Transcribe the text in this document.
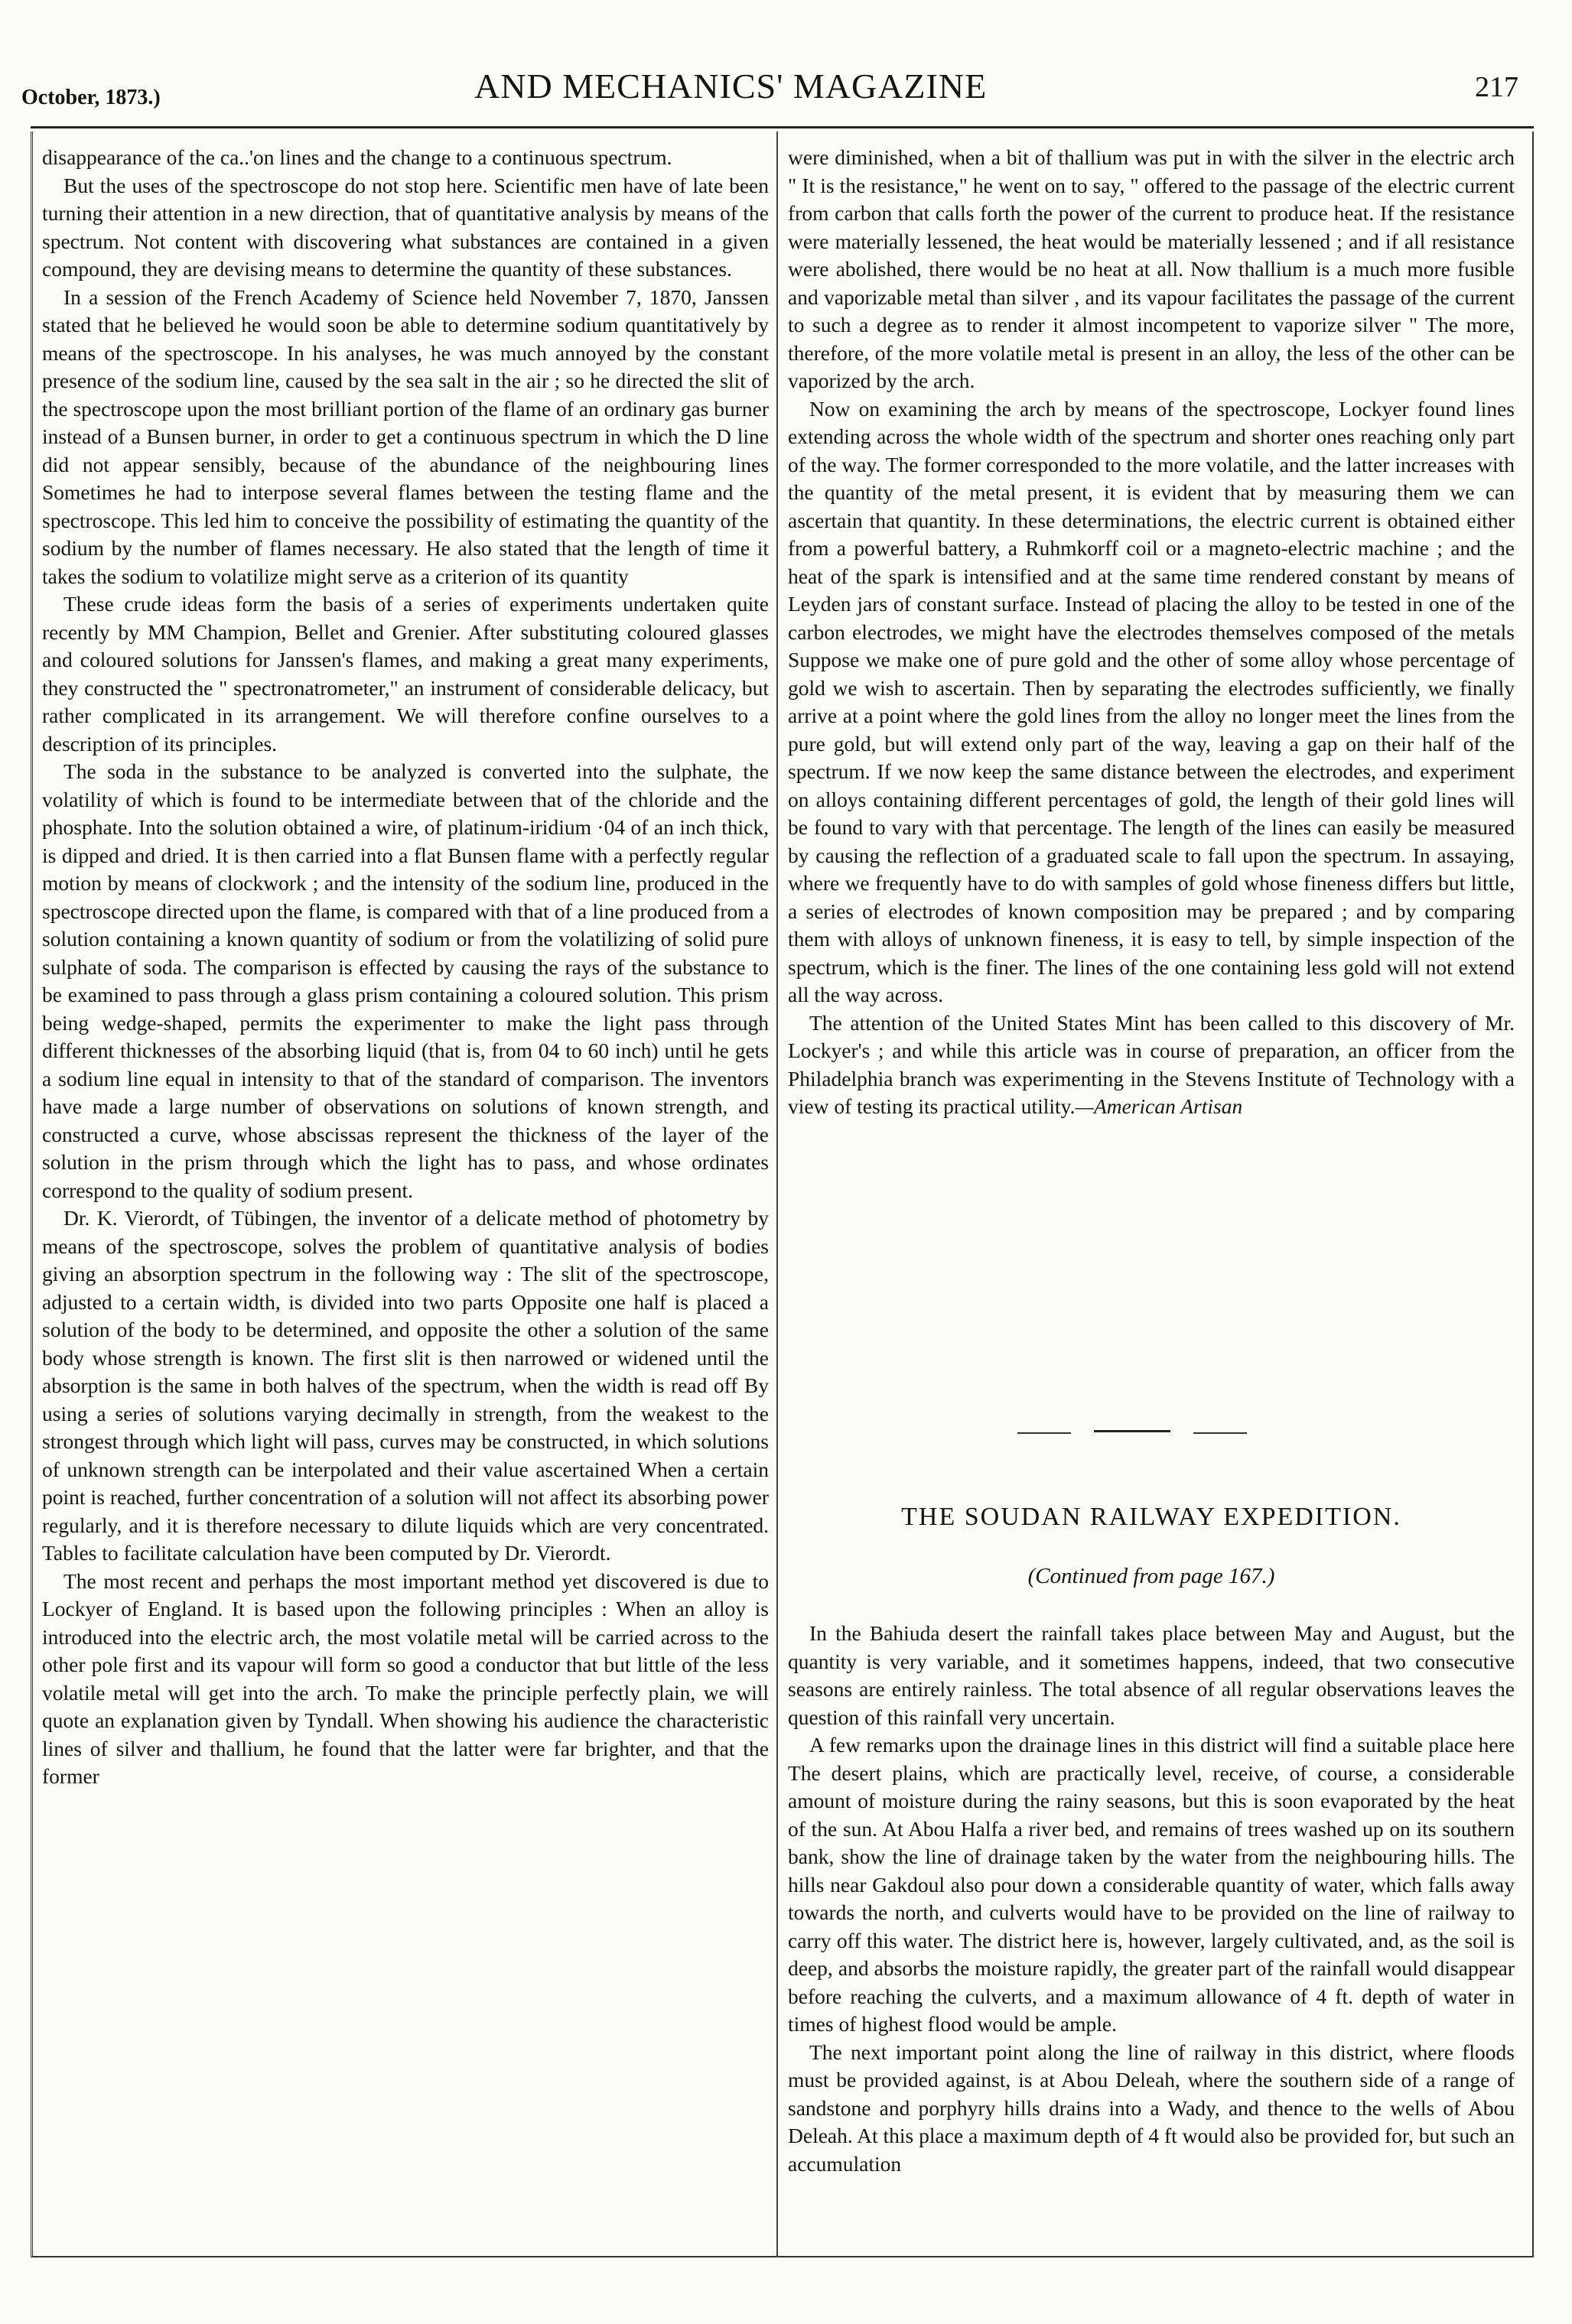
October, 1873.)	AND MECHANICS' MAGAZINE	217

disappearance of the ca..'on lines and the change to a continuous spectrum.

But the uses of the spectroscope do not stop here. Scientific men have of late been turning their attention in a new direction, that of quantitative analysis by means of the spectrum. Not content with discovering what substances are contained in a given compound, they are devising means to determine the quantity of these substances.

In a session of the French Academy of Science held November 7, 1870, Janssen stated that he believed he would soon be able to determine sodium quantitatively by means of the spectroscope. In his analyses, he was much annoyed by the constant presence of the sodium line, caused by the sea salt in the air ; so he directed the slit of the spectroscope upon the most brilliant portion of the flame of an ordinary gas burner instead of a Bunsen burner, in order to get a continuous spectrum in which the D line did not appear sensibly, because of the abundance of the neighbouring lines Sometimes he had to interpose several flames between the testing flame and the spectroscope. This led him to conceive the possibility of estimating the quantity of the sodium by the number of flames necessary. He also stated that the length of time it takes the sodium to volatilize might serve as a criterion of its quantity

These crude ideas form the basis of a series of experiments undertaken quite recently by MM Champion, Bellet and Grenier. After substituting coloured glasses and coloured solutions for Janssen's flames, and making a great many experiments, they constructed the " spectronatrometer," an instrument of considerable delicacy, but rather complicated in its arrangement. We will therefore confine ourselves to a description of its principles.

The soda in the substance to be analyzed is converted into the sulphate, the volatility of which is found to be intermediate between that of the chloride and the phosphate. Into the solution obtained a wire, of platinum-iridium ·04 of an inch thick, is dipped and dried. It is then carried into a flat Bunsen flame with a perfectly regular motion by means of clockwork ; and the intensity of the sodium line, produced in the spectroscope directed upon the flame, is compared with that of a line produced from a solution containing a known quantity of sodium or from the volatilizing of solid pure sulphate of soda. The comparison is effected by causing the rays of the substance to be examined to pass through a glass prism containing a coloured solution. This prism being wedge-shaped, permits the experimenter to make the light pass through different thicknesses of the absorbing liquid (that is, from 04 to 60 inch) until he gets a sodium line equal in intensity to that of the standard of comparison. The inventors have made a large number of observations on solutions of known strength, and constructed a curve, whose abscissas represent the thickness of the layer of the solution in the prism through which the light has to pass, and whose ordinates correspond to the quality of sodium present.

Dr. K. Vierordt, of Tübingen, the inventor of a delicate method of photometry by means of the spectroscope, solves the problem of quantitative analysis of bodies giving an absorption spectrum in the following way : The slit of the spectroscope, adjusted to a certain width, is divided into two parts Opposite one half is placed a solution of the body to be determined, and opposite the other a solution of the same body whose strength is known. The first slit is then narrowed or widened until the absorption is the same in both halves of the spectrum, when the width is read off By using a series of solutions varying decimally in strength, from the weakest to the strongest through which light will pass, curves may be constructed, in which solutions of unknown strength can be interpolated and their value ascertained When a certain point is reached, further concentration of a solution will not affect its absorbing power regularly, and it is therefore necessary to dilute liquids which are very concentrated. Tables to facilitate calculation have been computed by Dr. Vierordt.

The most recent and perhaps the most important method yet discovered is due to Lockyer of England. It is based upon the following principles : When an alloy is introduced into the electric arch, the most volatile metal will be carried across to the other pole first and its vapour will form so good a conductor that but little of the less volatile metal will get into the arch. To make the principle perfectly plain, we will quote an explanation given by Tyndall. When showing his audience the characteristic lines of silver and thallium, he found that the latter were far brighter, and that the former

were diminished, when a bit of thallium was put in with the silver in the electric arch " It is the resistance," he went on to say, " offered to the passage of the electric current from carbon that calls forth the power of the current to produce heat. If the resistance were materially lessened, the heat would be materially lessened ; and if all resistance were abolished, there would be no heat at all. Now thallium is a much more fusible and vaporizable metal than silver , and its vapour facilitates the passage of the current to such a degree as to render it almost incompetent to vaporize silver " The more, therefore, of the more volatile metal is present in an alloy, the less of the other can be vaporized by the arch.

Now on examining the arch by means of the spectroscope, Lockyer found lines extending across the whole width of the spectrum and shorter ones reaching only part of the way. The former corresponded to the more volatile, and the latter increases with the quantity of the metal present, it is evident that by measuring them we can ascertain that quantity. In these determinations, the electric current is obtained either from a powerful battery, a Ruhmkorff coil or a magneto-electric machine ; and the heat of the spark is intensified and at the same time rendered constant by means of Leyden jars of constant surface. Instead of placing the alloy to be tested in one of the carbon electrodes, we might have the electrodes themselves composed of the metals Suppose we make one of pure gold and the other of some alloy whose percentage of gold we wish to ascertain. Then by separating the electrodes sufficiently, we finally arrive at a point where the gold lines from the alloy no longer meet the lines from the pure gold, but will extend only part of the way, leaving a gap on their half of the spectrum. If we now keep the same distance between the electrodes, and experiment on alloys containing different percentages of gold, the length of their gold lines will be found to vary with that percentage. The length of the lines can easily be measured by causing the reflection of a graduated scale to fall upon the spectrum. In assaying, where we frequently have to do with samples of gold whose fineness differs but little, a series of electrodes of known composition may be prepared ; and by comparing them with alloys of unknown fineness, it is easy to tell, by simple inspection of the spectrum, which is the finer. The lines of the one containing less gold will not extend all the way across.

The attention of the United States Mint has been called to this discovery of Mr. Lockyer's ; and while this article was in course of preparation, an officer from the Philadelphia branch was experimenting in the Stevens Institute of Technology with a view of testing its practical utility.—American Artisan

THE SOUDAN RAILWAY EXPEDITION.
(Continued from page 167.)

In the Bahiuda desert the rainfall takes place between May and August, but the quantity is very variable, and it sometimes happens, indeed, that two consecutive seasons are entirely rainless. The total absence of all regular observations leaves the question of this rainfall very uncertain.

A few remarks upon the drainage lines in this district will find a suitable place here The desert plains, which are practically level, receive, of course, a considerable amount of moisture during the rainy seasons, but this is soon evaporated by the heat of the sun. At Abou Halfa a river bed, and remains of trees washed up on its southern bank, show the line of drainage taken by the water from the neighbouring hills. The hills near Gakdoul also pour down a considerable quantity of water, which falls away towards the north, and culverts would have to be provided on the line of railway to carry off this water. The district here is, however, largely cultivated, and, as the soil is deep, and absorbs the moisture rapidly, the greater part of the rainfall would disappear before reaching the culverts, and a maximum allowance of 4 ft. depth of water in times of highest flood would be ample.

The next important point along the line of railway in this district, where floods must be provided against, is at Abou Deleah, where the southern side of a range of sandstone and porphyry hills drains into a Wady, and thence to the wells of Abou Deleah. At this place a maximum depth of 4 ft would also be provided for, but such an accumulation
